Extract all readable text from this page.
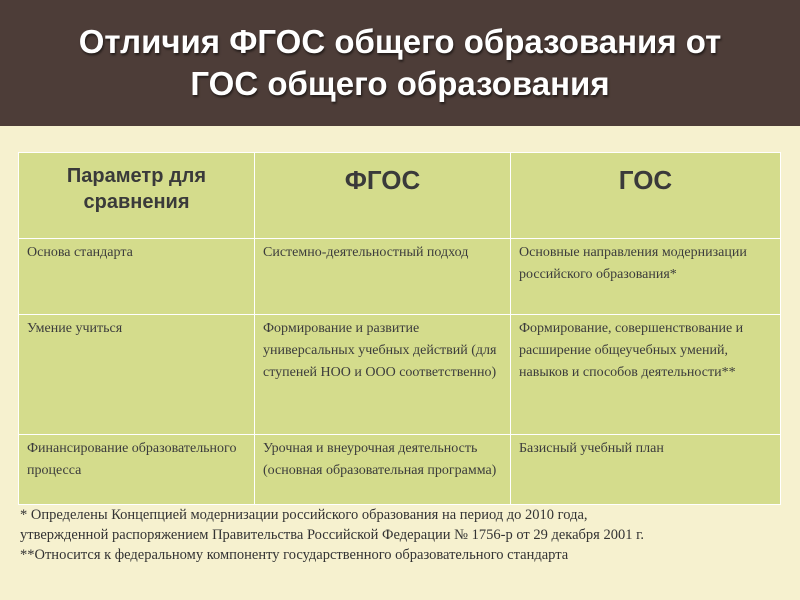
Отличия ФГОС общего образования от
ГОС общего образования
Параметр для сравнения	ФГОС	ГОС
Основа стандарта	Системно-деятельностный подход	Основные направления модернизации российского образования*
Умение учиться	Формирование и развитие универсальных учебных действий (для ступеней НОО и ООО соответственно)	Формирование, совершенствование и расширение общеучебных умений, навыков и способов деятельности**
Финансирование образовательного процесса	Урочная и внеурочная деятельность (основная образовательная программа)	Базисный учебный план
* Определены Концепцией модернизации российского образования на период до 2010 года,
утвержденной распоряжением Правительства Российской Федерации № 1756-р от 29 декабря 2001 г.
**Относится к федеральному компоненту государственного образовательного стандарта
